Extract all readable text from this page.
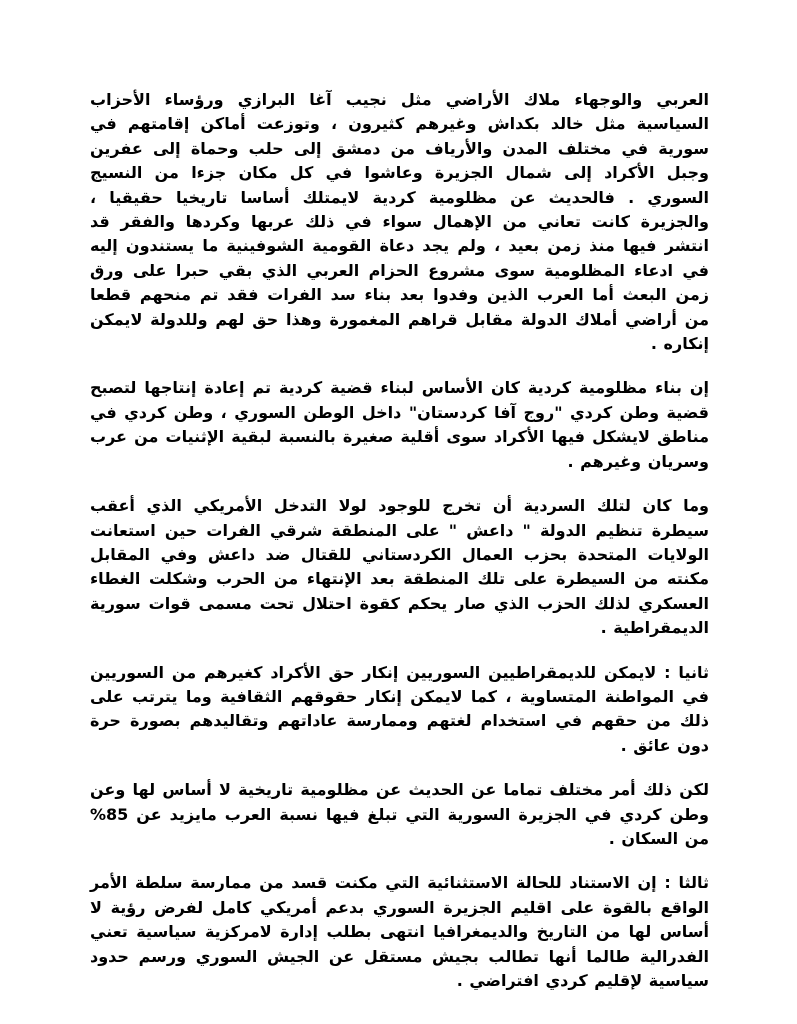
العربي والوجهاء ملاك الأراضي مثل نجيب آغا البرازي ورؤساء الأحزاب السياسية مثل خالد بكداش وغيرهم كثيرون ، وتوزعت أماكن إقامتهم في سورية في مختلف المدن والأرياف من دمشق إلى حلب وحماة إلى عفرين وجبل الأكراد إلى شمال الجزيرة وعاشوا في كل مكان جزءا من النسيج السوري . فالحديث عن مظلومية كردية لايمتلك أساسا تاريخيا حقيقيا ، والجزيرة كانت تعاني من الإهمال سواء في ذلك عربها وكردها والفقر قد انتشر فيها منذ زمن بعيد ، ولم يجد دعاة القومية الشوفينية ما يستندون إليه في ادعاء المظلومية سوى مشروع الحزام العربي الذي بقي حبرا على ورق زمن البعث أما العرب الذين وفدوا بعد بناء سد الفرات فقد تم منحهم قطعا من أراضي أملاك الدولة مقابل قراهم المغمورة وهذا حق لهم وللدولة لايمكن إنكاره .

إن بناء مظلومية كردية كان الأساس لبناء قضية كردية تم إعادة إنتاجها لتصبح قضية وطن كردي "روج آفا كردستان" داخل الوطن السوري ، وطن كردي في مناطق لايشكل فيها الأكراد سوى أقلية صغيرة بالنسبة لبقية الإثنيات من عرب وسريان وغيرهم .

وما كان لتلك السردية أن تخرج للوجود لولا التدخل الأمريكي الذي أعقب سيطرة تنظيم الدولة " داعش " على المنطقة شرقي الفرات حين استعانت الولايات المتحدة بحزب العمال الكردستاني للقتال ضد داعش وفي المقابل مكنته من السيطرة على تلك المنطقة بعد الإنتهاء من الحرب وشكلت الغطاء العسكري لذلك الحزب الذي صار يحكم كقوة احتلال تحت مسمى قوات سورية الديمقراطية .

ثانيا : لايمكن للديمقراطيين السوريين إنكار حق الأكراد كغيرهم من السوريين في المواطنة المتساوية ، كما لايمكن إنكار حقوقهم الثقافية وما يترتب على ذلك من حقهم في استخدام لغتهم وممارسة عاداتهم وتقاليدهم بصورة حرة دون عائق .

لكن ذلك أمر مختلف تماما عن الحديث عن مظلومية تاريخية لا أساس لها وعن وطن كردي في الجزيرة السورية التي تبلغ فيها نسبة العرب مايزيد عن 85% من السكان .

ثالثا : إن الاستناد للحالة الاستثنائية التي مكنت قسد من ممارسة سلطة الأمر الواقع بالقوة على اقليم الجزيرة السوري بدعم أمريكي كامل لفرض رؤية لا أساس لها من التاريخ والديمغرافيا انتهى بطلب إدارة لامركزية سياسية تعني الفدرالية طالما أنها تطالب بجيش مستقل عن الجيش السوري ورسم حدود سياسية لإقليم كردي افتراضي .
